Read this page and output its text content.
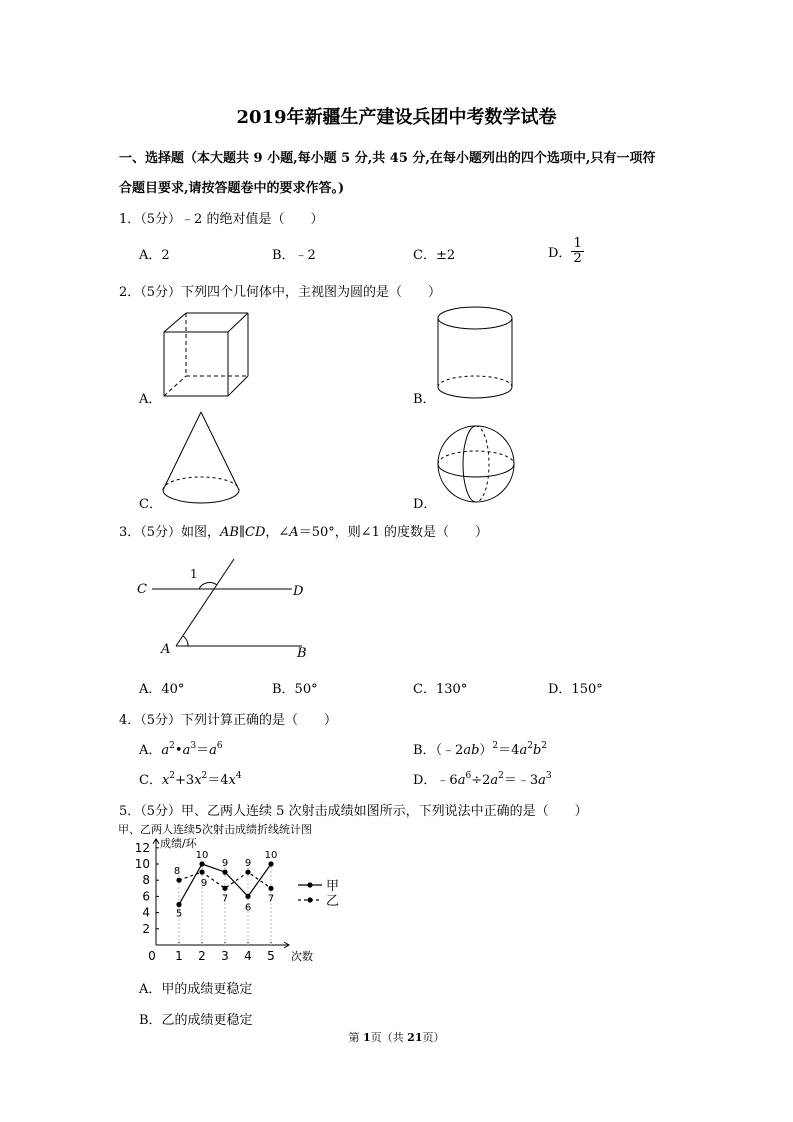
2019年新疆生产建设兵团中考数学试卷
一、选择题（本大题共 9 小题,每小题 5 分,共 45 分,在每小题列出的四个选项中,只有一项符
合题目要求,请按答题卷中的要求作答。)
1．（5分）﹣2 的绝对值是（　　）
A．2	B．﹣2	C．±2	D． $\frac{1}{2}$
2．（5分）下列四个几何体中，主视图为圆的是（　　）
A．	B．
C．	D．
3．（5分）如图，AB∥CD，∠A＝50°，则∠1 的度数是（　　）
C	D
A	B
1
A．40°	B．50°	C．130°	D．150°
4．（5分）下列计算正确的是（　　）
A．$a^2•a^3=a^6$	B．$(﹣2ab)^2=4a^2b^2$
C．$x^2+3x^2=4x^4$	D．$﹣6a^6\div 2a^2=﹣3a^3$
5．（5分）甲、乙两人连续 5 次射击成绩如图所示，下列说法中正确的是（　　）
甲、乙两人连续5次射击成绩折线统计图
成绩/环
次数
2
4
6
8
10
12
0 1 2 3 4 5
5
10
9
6
10
8
9
7
9
7
甲
乙
A．甲的成绩更稳定
B．乙的成绩更稳定
第 1页（共 21页）
